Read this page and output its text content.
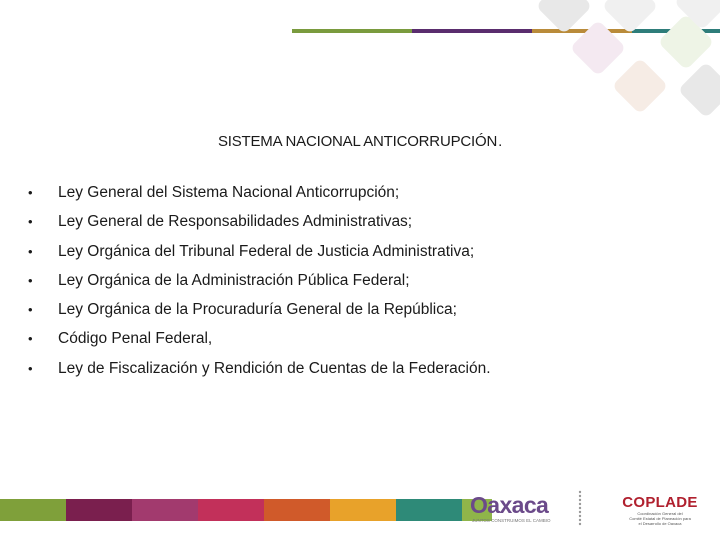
SISTEMA NACIONAL ANTICORRUPCIÓN.
• Ley General del Sistema Nacional Anticorrupción;
• Ley General de Responsabilidades Administrativas;
• Ley Orgánica del Tribunal Federal de Justicia Administrativa;
• Ley Orgánica de la Administración Pública Federal;
• Ley Orgánica de la Procuraduría General de la República;
• Código Penal Federal,
• Ley de Fiscalización y Rendición de Cuentas de la Federación.
Oaxaca
JUNTOS CONSTRUIMOS EL CAMBIO
COPLADE
Coordinación General del
Comité Estatal de Planeación para
el Desarrollo de Oaxaca
